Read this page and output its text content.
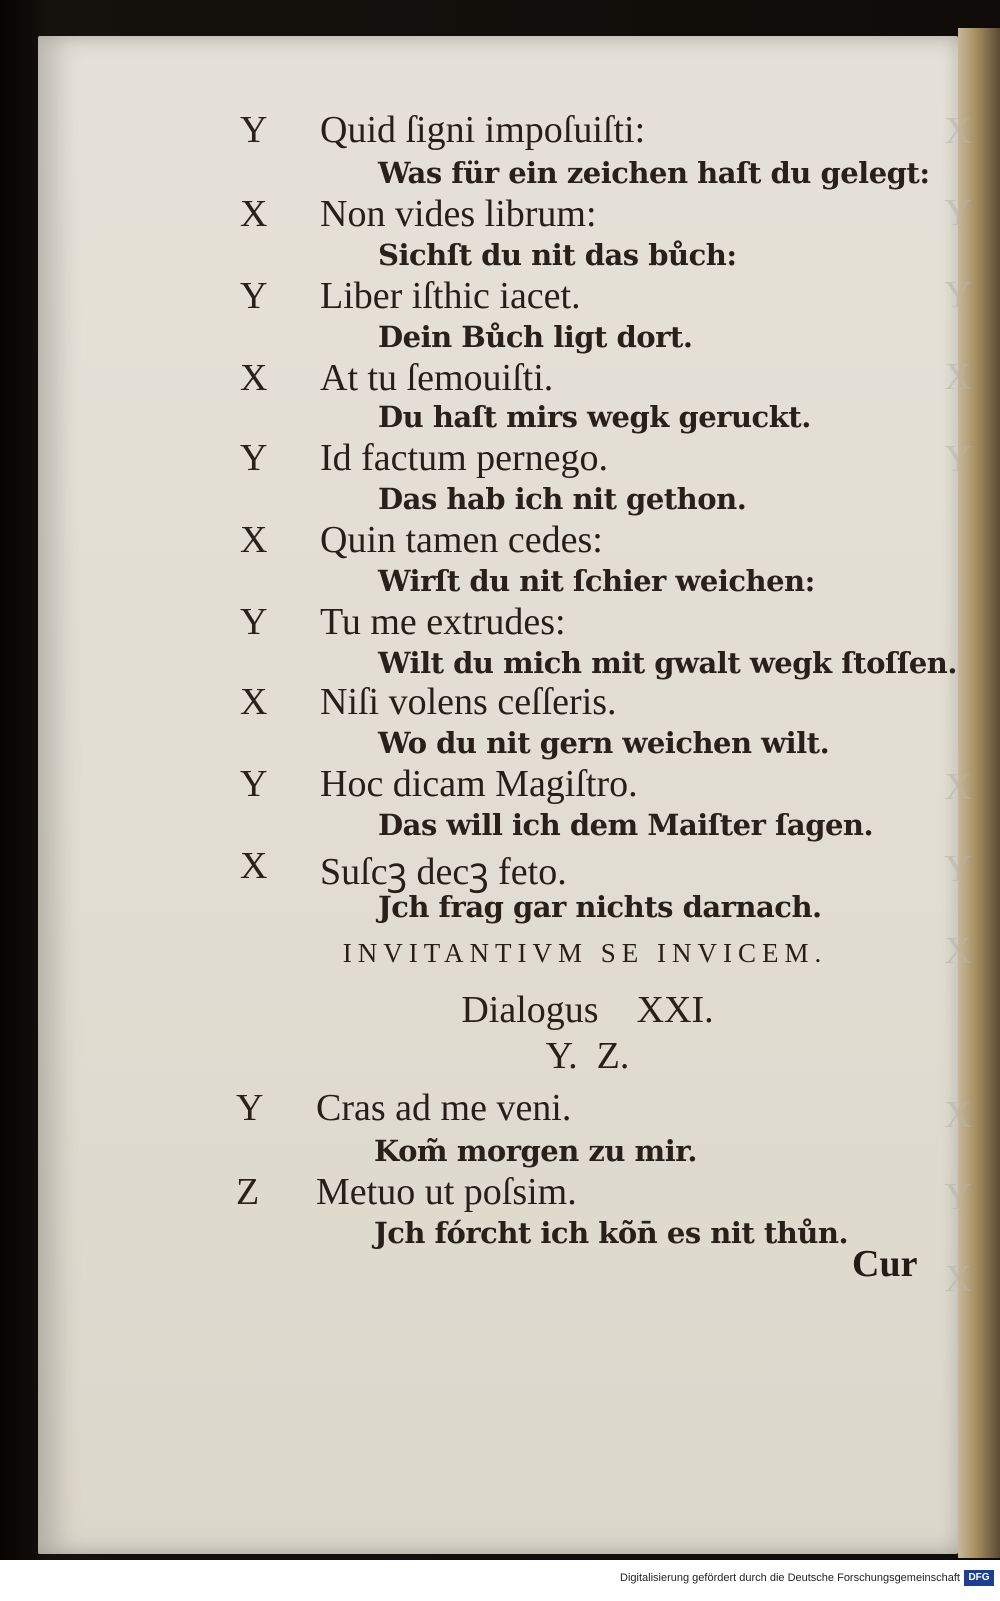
X
Y
Y
X
Y

X
Y
X

X
Y
X
Y	Quid ſigni impoſuiſti:
Was für ein zeichen haſt du gelegt:
X	Non vides librum:
Sichſt du nit das bůch:
Y	Liber iſthic iacet.
Dein Bůch ligt dort.
X	At tu ſemouiſti.
Du haſt mirs wegk geruckt.
Y	Id factum pernego.
Das hab ich nit gethon.
X	Quin tamen cedes:
Wirſt du nit ſchier weichen:
Y	Tu me extrudes:
Wilt du mich mit gwalt wegk ſtoſſen.
X	Niſi volens ceſſeris.
Wo du nit gern weichen wilt.
Y	Hoc dicam Magiſtro.
Das will ich dem Maiſter ſagen.
X	Suſcꝫ decꝫ feto.
Jch frag gar nichts darnach.
INVITANTIVM SE INVICEM.
Dialogus    XXI.
Y.  Z.
Y	Cras ad me veni.
Kom̃ morgen zu mir.
Z	Metuo ut poſsim.
Jch fórcht ich kõn̄ es nit thůn.
Cur
Digitalisierung gefördert durch die Deutsche Forschungsgemeinschaft DFG
